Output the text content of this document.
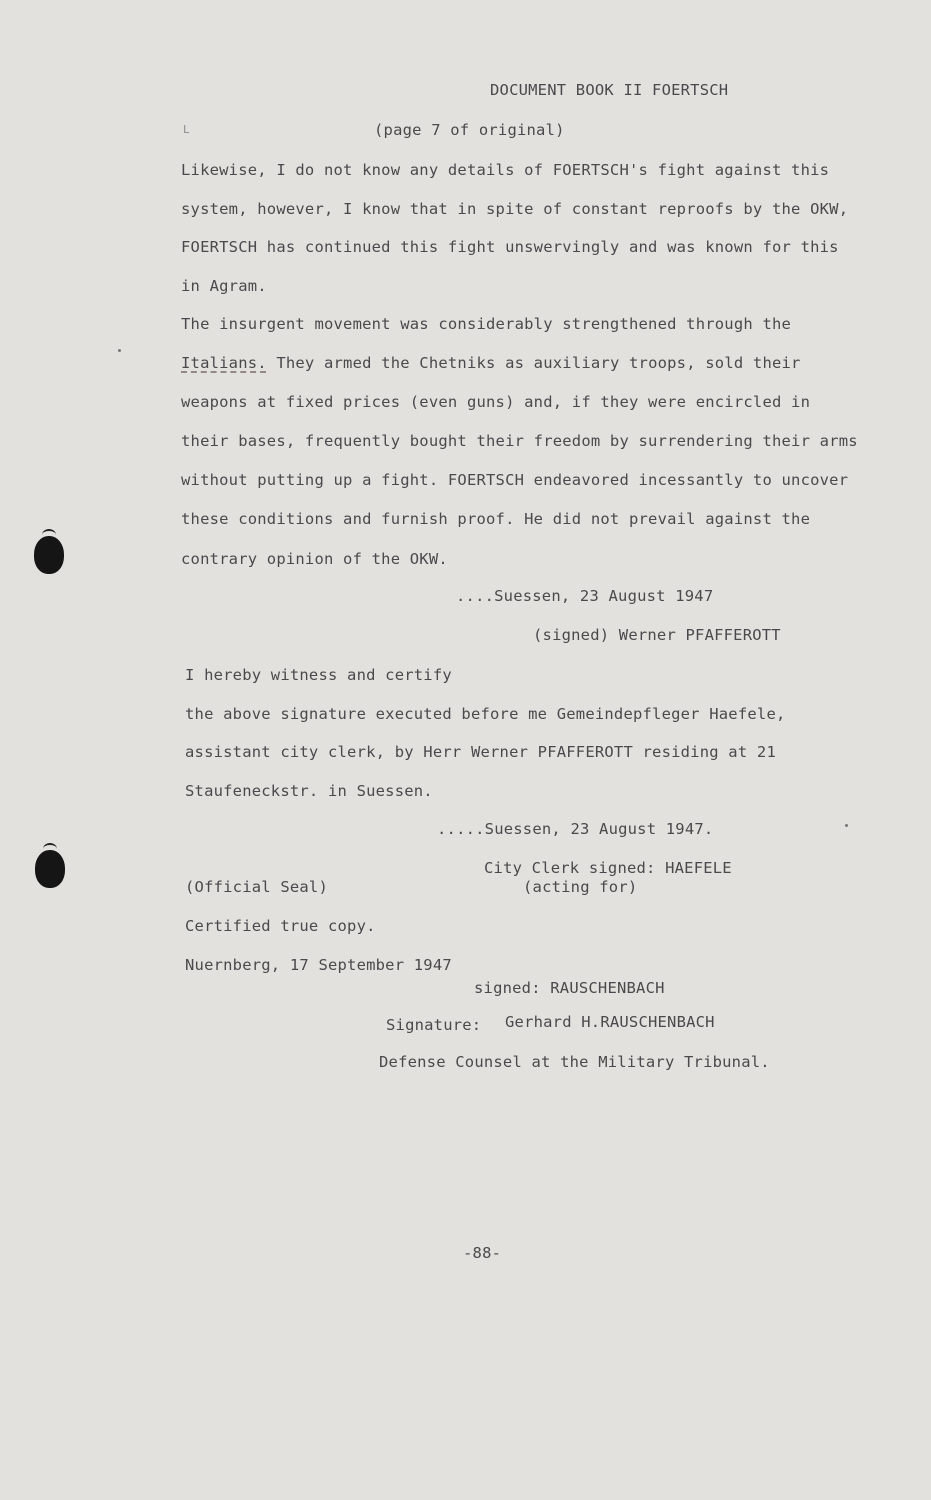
DOCUMENT BOOK II FOERTSCH
L	(page 7 of original)
Likewise, I do not know any details of FOERTSCH's fight against this
system, however, I know that in spite of constant reproofs by the OKW,
FOERTSCH has continued this fight unswervingly and was known for this
in Agram.
The insurgent movement was considerably strengthened through the
Italians. They armed the Chetniks as auxiliary troops, sold their
weapons at fixed prices (even guns) and, if they were encircled in
their bases, frequently bought their freedom by surrendering their arms
without putting up a fight. FOERTSCH endeavored incessantly to uncover
these conditions and furnish proof. He did not prevail against the
contrary opinion of the OKW.
....Suessen, 23 August 1947
(signed) Werner PFAFFEROTT
I hereby witness and certify
the above signature executed before me Gemeindepfleger Haefele,
assistant city clerk, by Herr Werner PFAFFEROTT residing at 21
Staufeneckstr. in Suessen.
.....Suessen, 23 August 1947.
City Clerk signed: HAEFELE
(Official Seal)	(acting for)
Certified true copy.
Nuernberg, 17 September 1947
signed: RAUSCHENBACH
Signature: Gerhard H.RAUSCHENBACH
Defense Counsel at the Military Tribunal.
-88-
